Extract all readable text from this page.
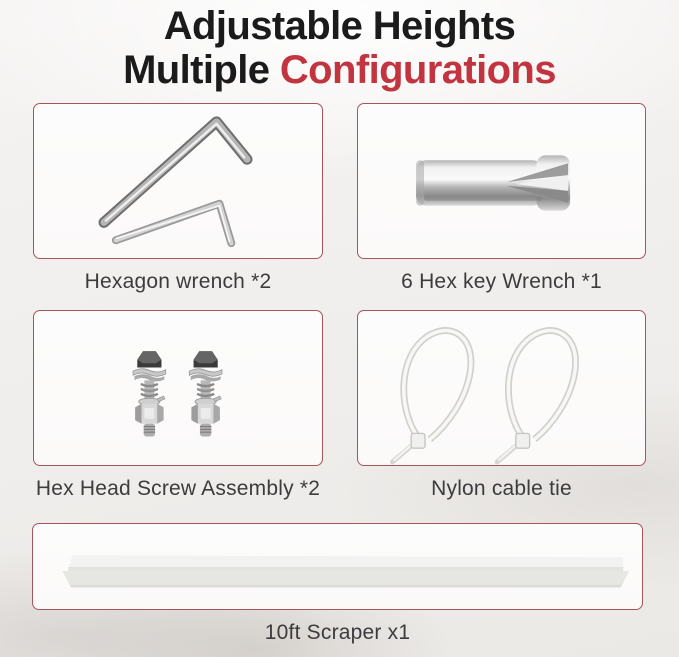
Adjustable Heights
Multiple Configurations
Hexagon wrench *2	6 Hex key Wrench *1
Hex Head Screw Assembly *2	Nylon cable tie
10ft Scraper x1
